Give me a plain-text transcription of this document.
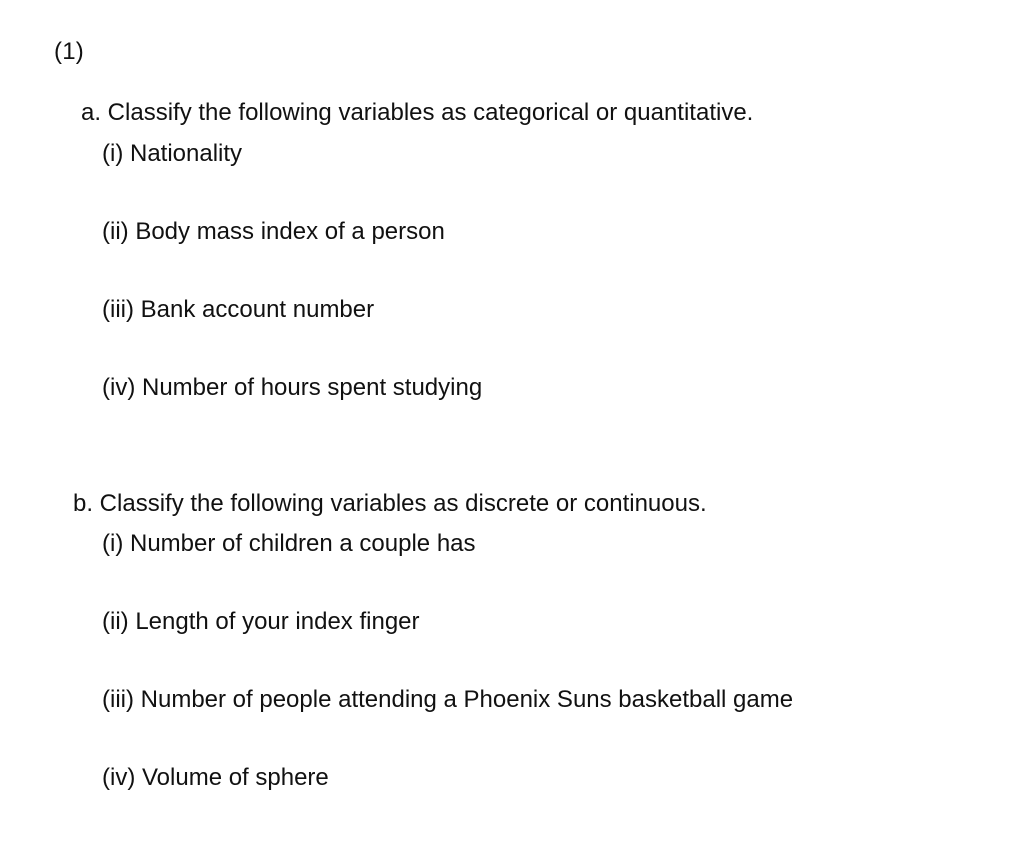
(1)
a. Classify the following variables as categorical or quantitative.
(i) Nationality
(ii) Body mass index of a person
(iii) Bank account number
(iv) Number of hours spent studying
b. Classify the following variables as discrete or continuous.
(i) Number of children a couple has
(ii) Length of your index finger
(iii) Number of people attending a Phoenix Suns basketball game
(iv) Volume of sphere
